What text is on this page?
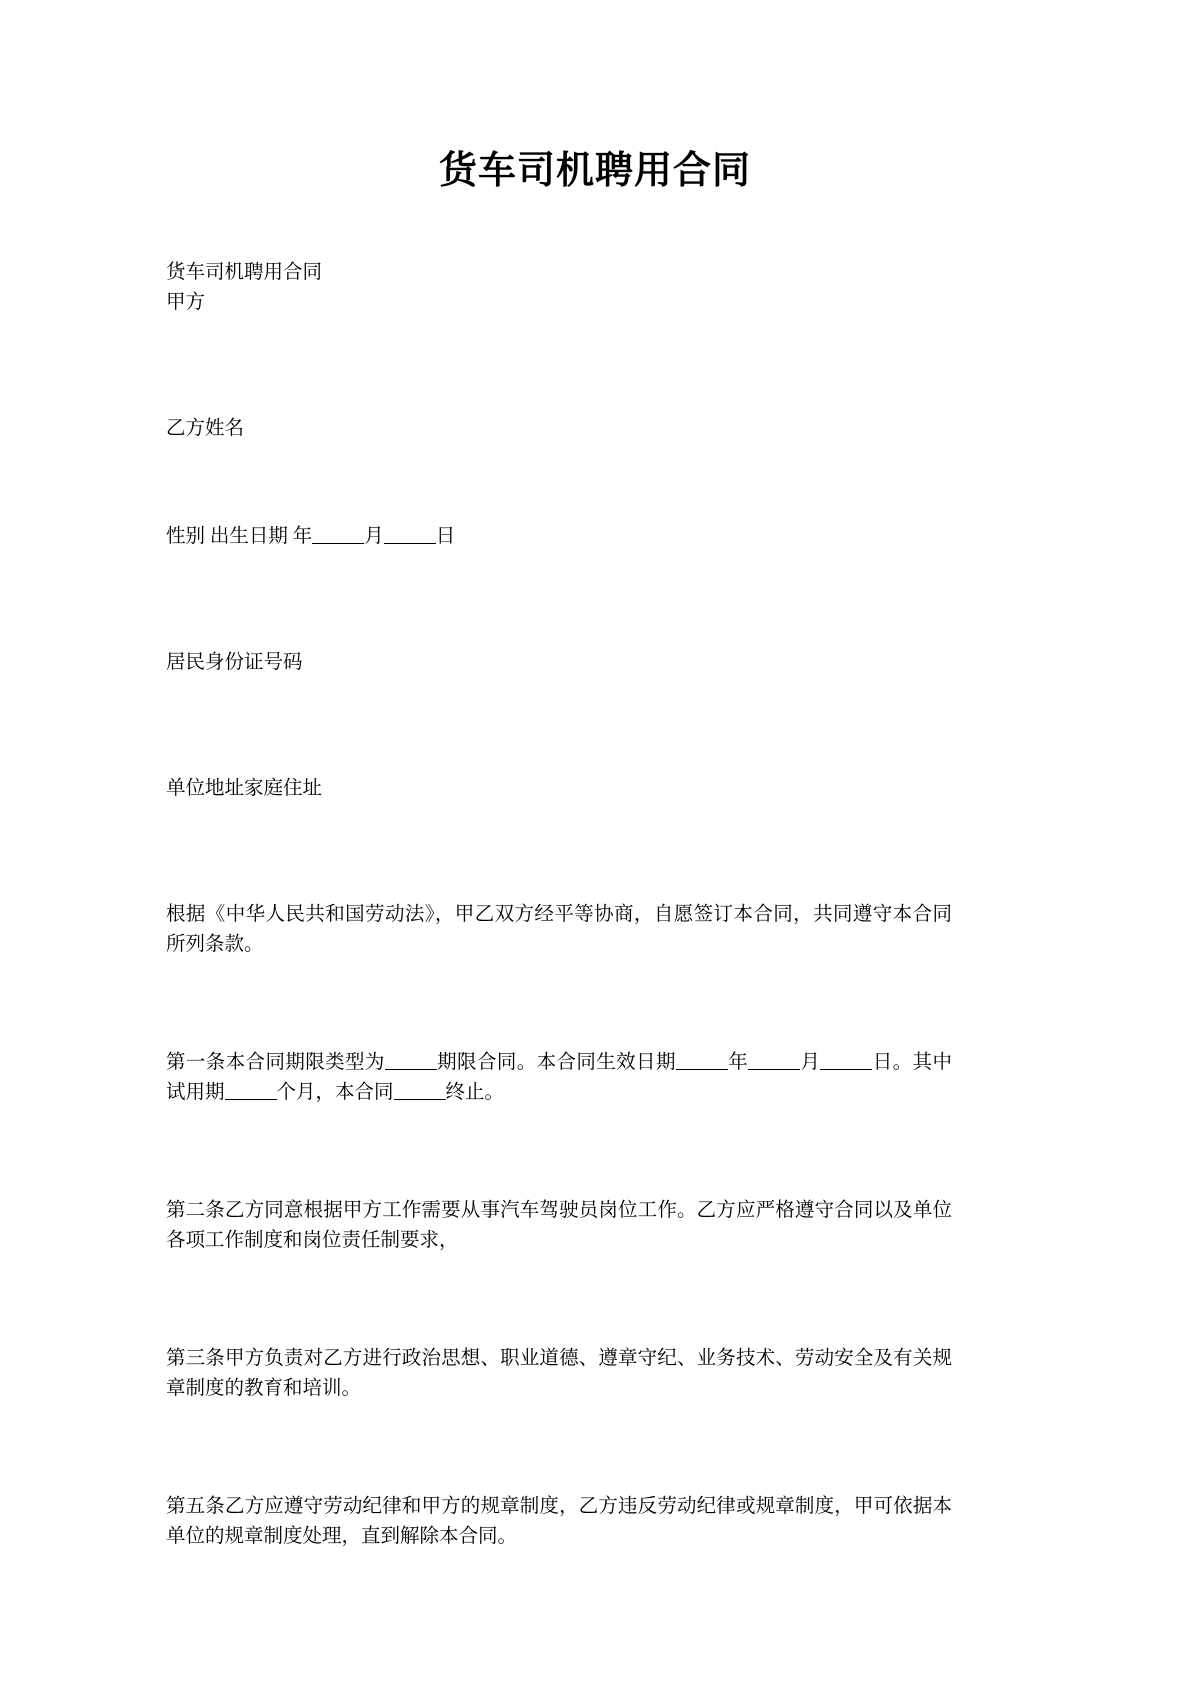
货车司机聘用合同

货车司机聘用合同

甲方

乙方姓名

性别 出生日期 年	月	日

居民身份证号码

单位地址家庭住址

根据《中华人民共和国劳动法》，甲乙双方经平等协商，自愿签订本合同，共同遵守本合同所列条款。

第一条本合同期限类型为	期限合同。本合同生效日期	年	月	日。其中试用期	个月，本合同	终止。

第二条乙方同意根据甲方工作需要从事汽车驾驶员岗位工作。乙方应严格遵守合同以及单位各项工作制度和岗位责任制要求，

第三条甲方负责对乙方进行政治思想、职业道德、遵章守纪、业务技术、劳动安全及有关规章制度的教育和培训。

第五条乙方应遵守劳动纪律和甲方的规章制度，乙方违反劳动纪律或规章制度，甲可依据本单位的规章制度处理，直到解除本合同。
